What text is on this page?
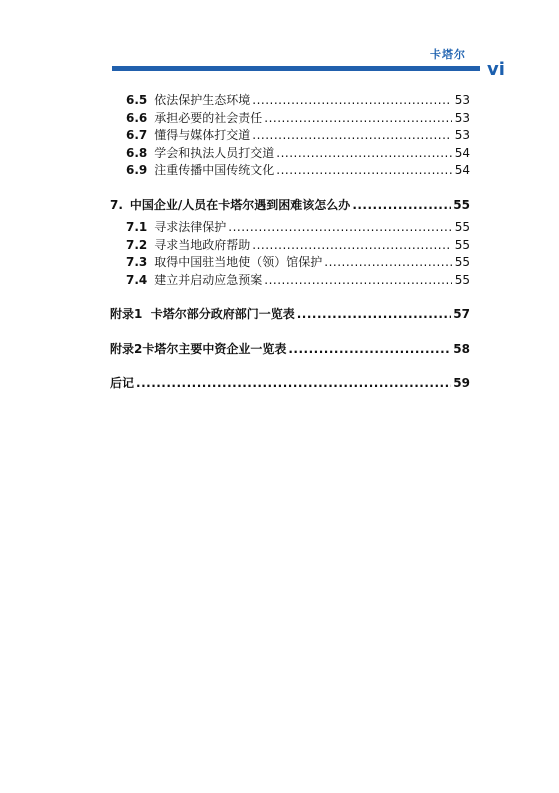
卡塔尔
vi
6.5 依法保护生态环境 .....	53
6.6 承担必要的社会责任 .....	53
6.7 懂得与媒体打交道 .....	53
6.8 学会和执法人员打交道 .....	54
6.9 注重传播中国传统文化 .....	54
7. 中国企业/人员在卡塔尔遇到困难该怎么办 .....	55
7.1 寻求法律保护 .....	55
7.2 寻求当地政府帮助 .....	55
7.3 取得中国驻当地使（领）馆保护 .....	55
7.4 建立并启动应急预案 .....	55
附录1  卡塔尔部分政府部门一览表 .....	57
附录2卡塔尔主要中资企业一览表 .....	58
后记 .....	59
